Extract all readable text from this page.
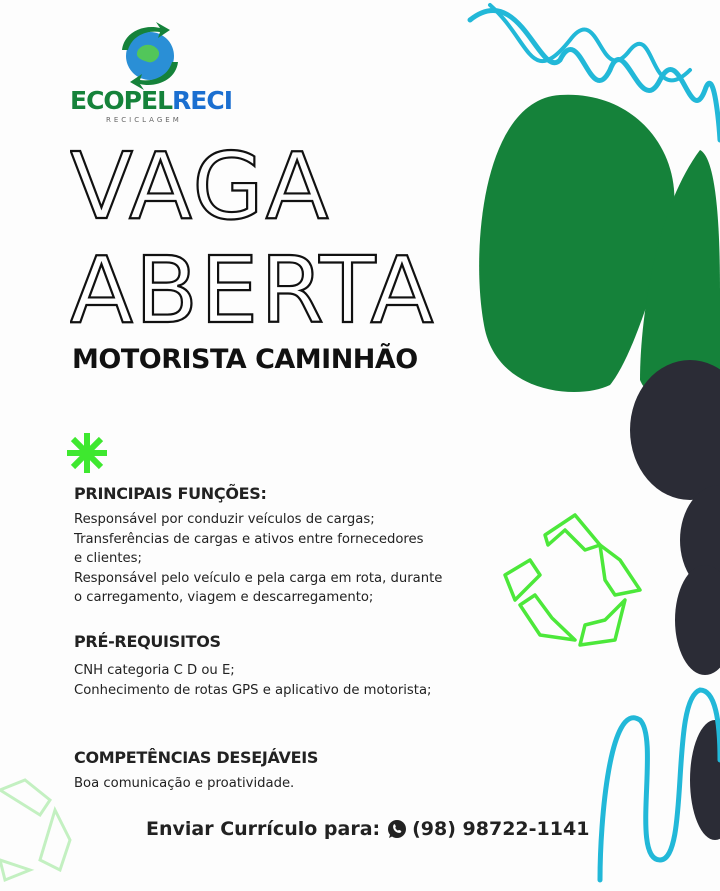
ECOPELRECI
RECICLAGEM
VAGA
ABERTA
MOTORISTA CAMINHÃO
PRINCIPAIS FUNÇÕES:
Responsável por conduzir veículos de cargas;
Transferências de cargas e ativos entre fornecedores
e clientes;
Responsável pelo veículo e pela carga em rota, durante
o carregamento, viagem e descarregamento;
PRÉ-REQUISITOS
CNH categoria C D ou E;
Conhecimento de rotas GPS e aplicativo de motorista;
COMPETÊNCIAS DESEJÁVEIS
Boa comunicação e proatividade.
Enviar Currículo para: (98) 98722-1141
